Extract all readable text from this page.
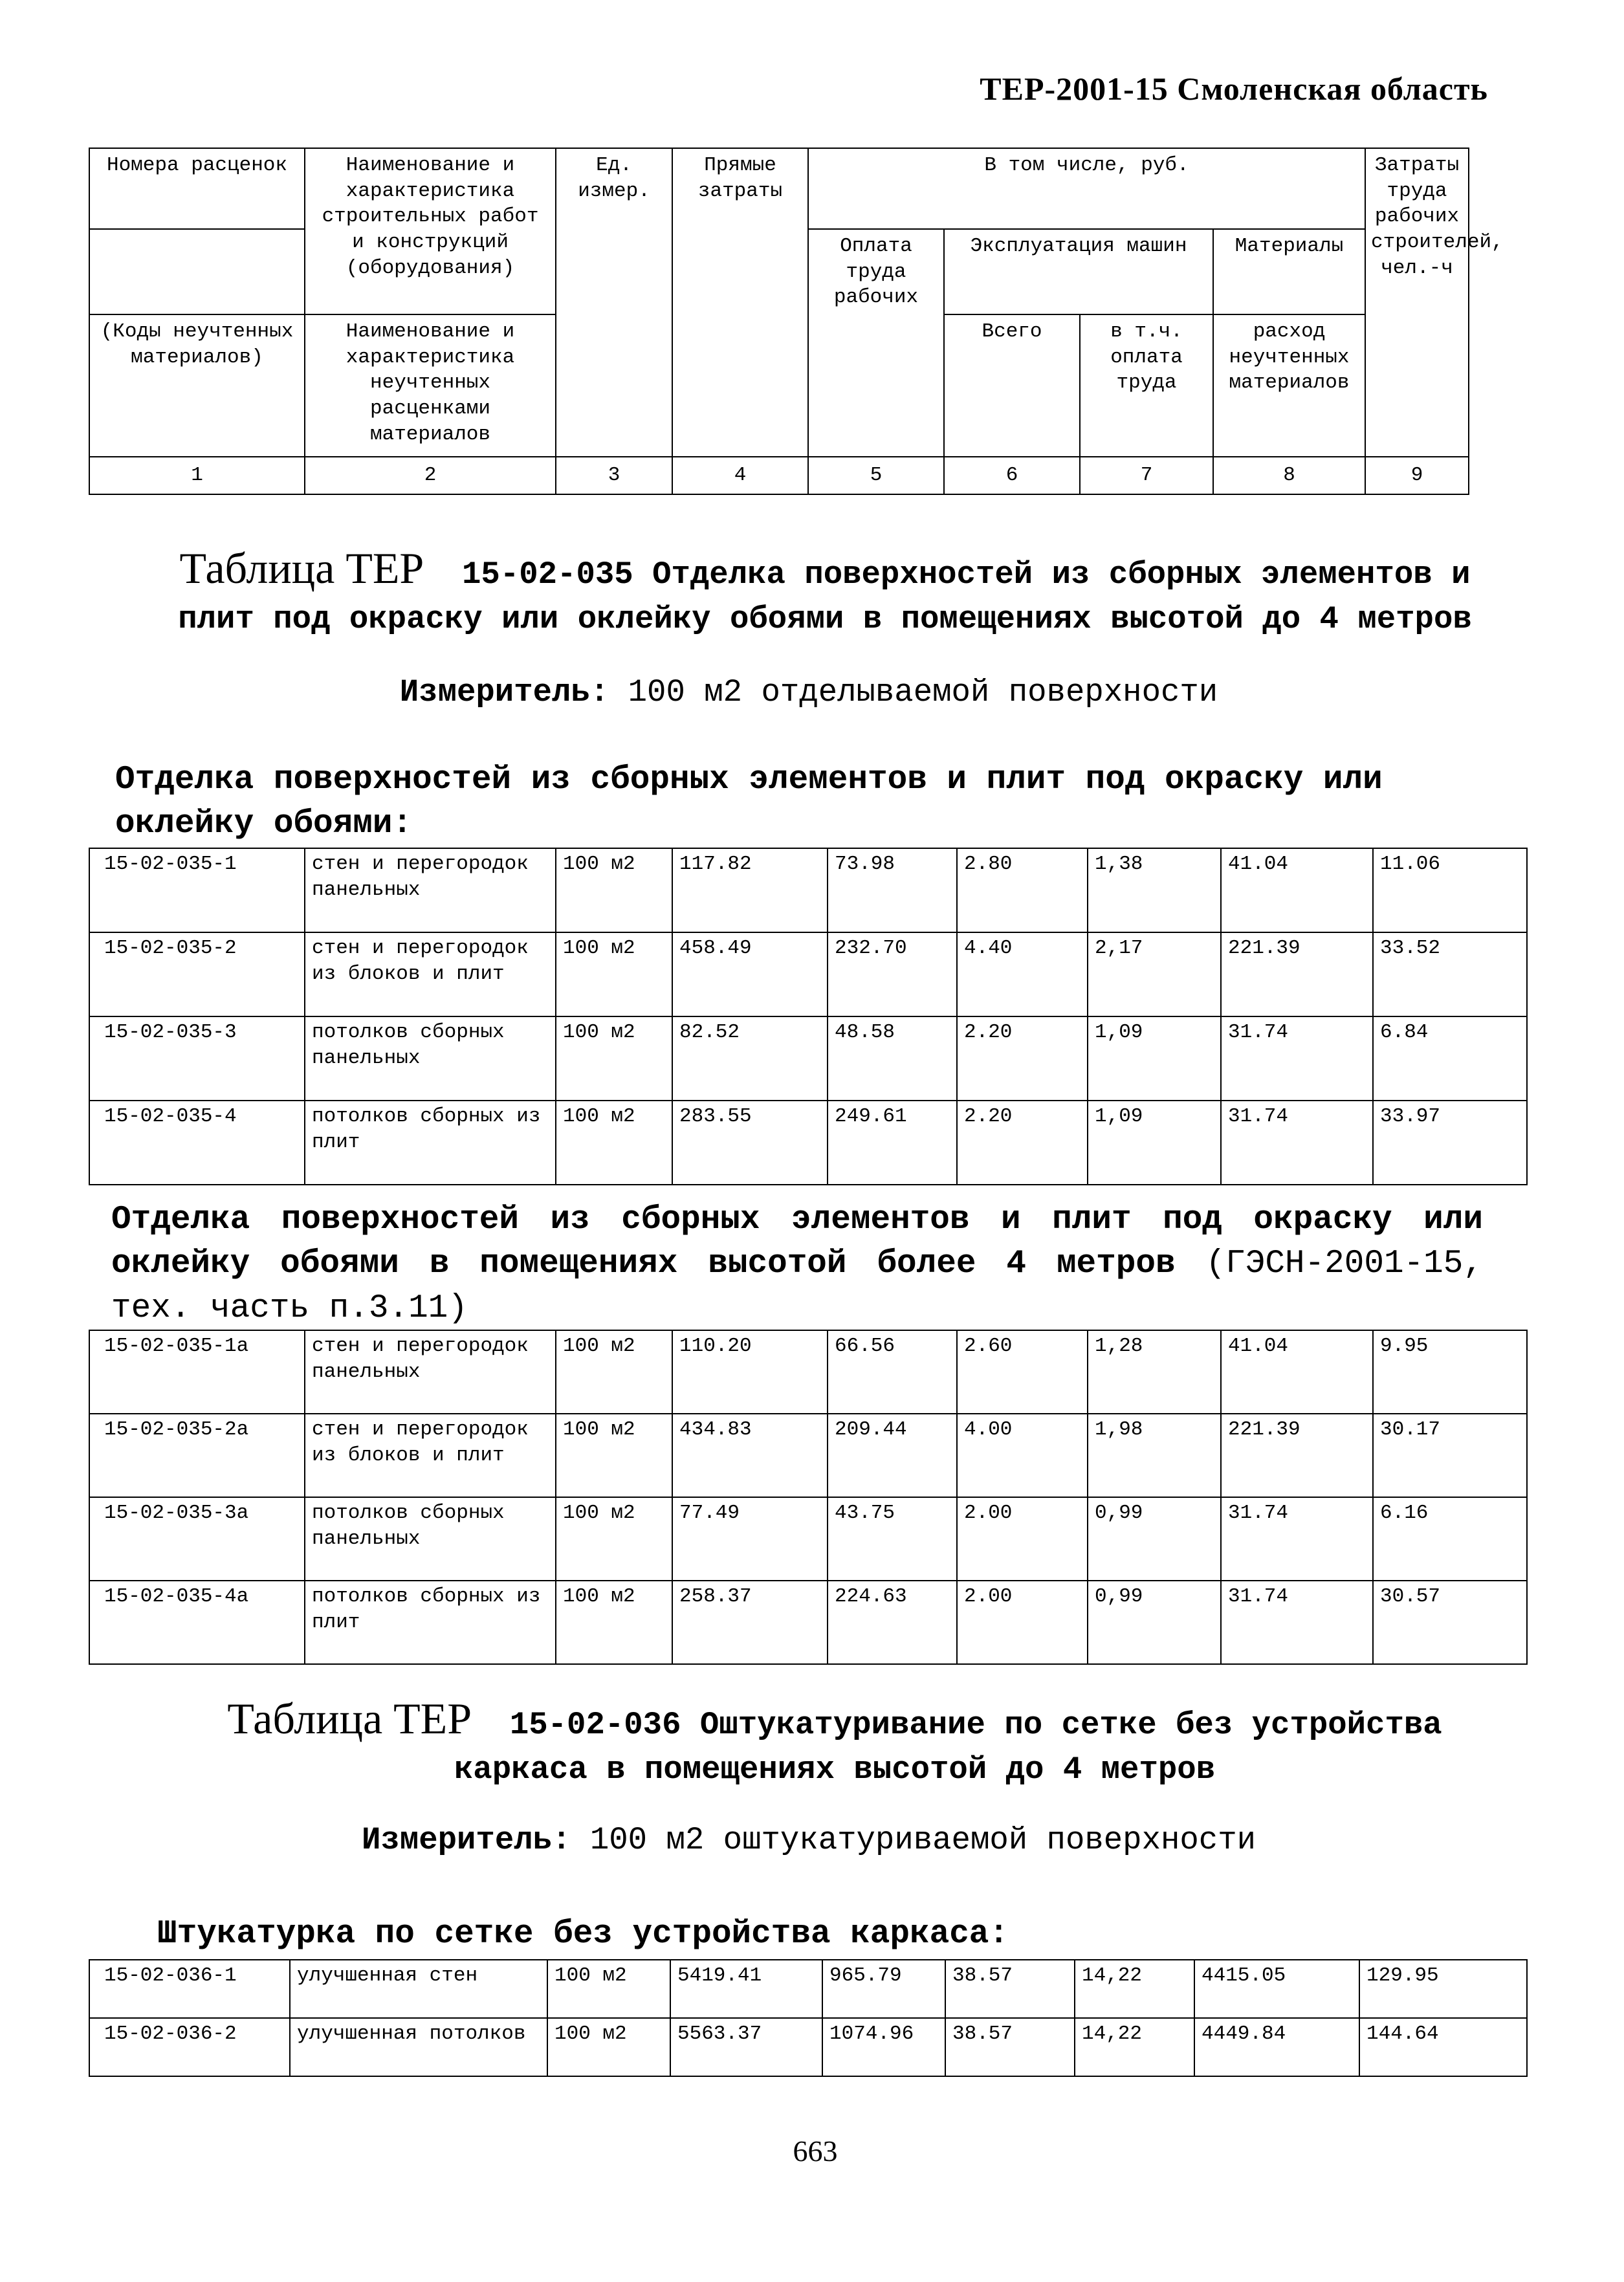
ТЕР-2001-15 Смоленская область
Номера расценок	Наименование и характеристика строительных работ и конструкций (оборудования)	Ед. измер.	Прямые затраты	В том числе, руб.				Затраты труда рабочих строителей, чел.-ч
				Оплата труда рабочих	Эксплуатация машин		Материалы	
(Коды неучтенных материалов)	Наименование и характеристика неучтенных расценками материалов				Всего	в т.ч. оплата труда	расход неучтенных материалов	
1	2	3	4	5	6	7	8	9
Таблица ТЕР 15-02-035 Отделка поверхностей из сборных элементов и плит под окраску или оклейку обоями в помещениях высотой до 4 метров
Измеритель: 100 м2 отделываемой поверхности
Отделка поверхностей из сборных элементов и плит под окраску или оклейку обоями:
15-02-035-1	стен и перегородок панельных	100 м2	117.82	73.98	2.80	1,38	41.04	11.06
15-02-035-2	стен и перегородок из блоков и плит	100 м2	458.49	232.70	4.40	2,17	221.39	33.52
15-02-035-3	потолков сборных панельных	100 м2	82.52	48.58	2.20	1,09	31.74	6.84
15-02-035-4	потолков сборных из плит	100 м2	283.55	249.61	2.20	1,09	31.74	33.97
Отделка поверхностей из сборных элементов и плит под окраску или оклейку обоями в помещениях высотой более 4 метров (ГЭСН-2001-15, тех. часть п.3.11)
15-02-035-1а	стен и перегородок панельных	100 м2	110.20	66.56	2.60	1,28	41.04	9.95
15-02-035-2а	стен и перегородок из блоков и плит	100 м2	434.83	209.44	4.00	1,98	221.39	30.17
15-02-035-3а	потолков сборных панельных	100 м2	77.49	43.75	2.00	0,99	31.74	6.16
15-02-035-4а	потолков сборных из плит	100 м2	258.37	224.63	2.00	0,99	31.74	30.57
Таблица ТЕР 15-02-036 Оштукатуривание по сетке без устройства каркаса в помещениях высотой до 4 метров
Измеритель: 100 м2 оштукатуриваемой поверхности
Штукатурка по сетке без устройства каркаса:
15-02-036-1	улучшенная стен	100 м2	5419.41	965.79	38.57	14,22	4415.05	129.95
15-02-036-2	улучшенная потолков	100 м2	5563.37	1074.96	38.57	14,22	4449.84	144.64
663
